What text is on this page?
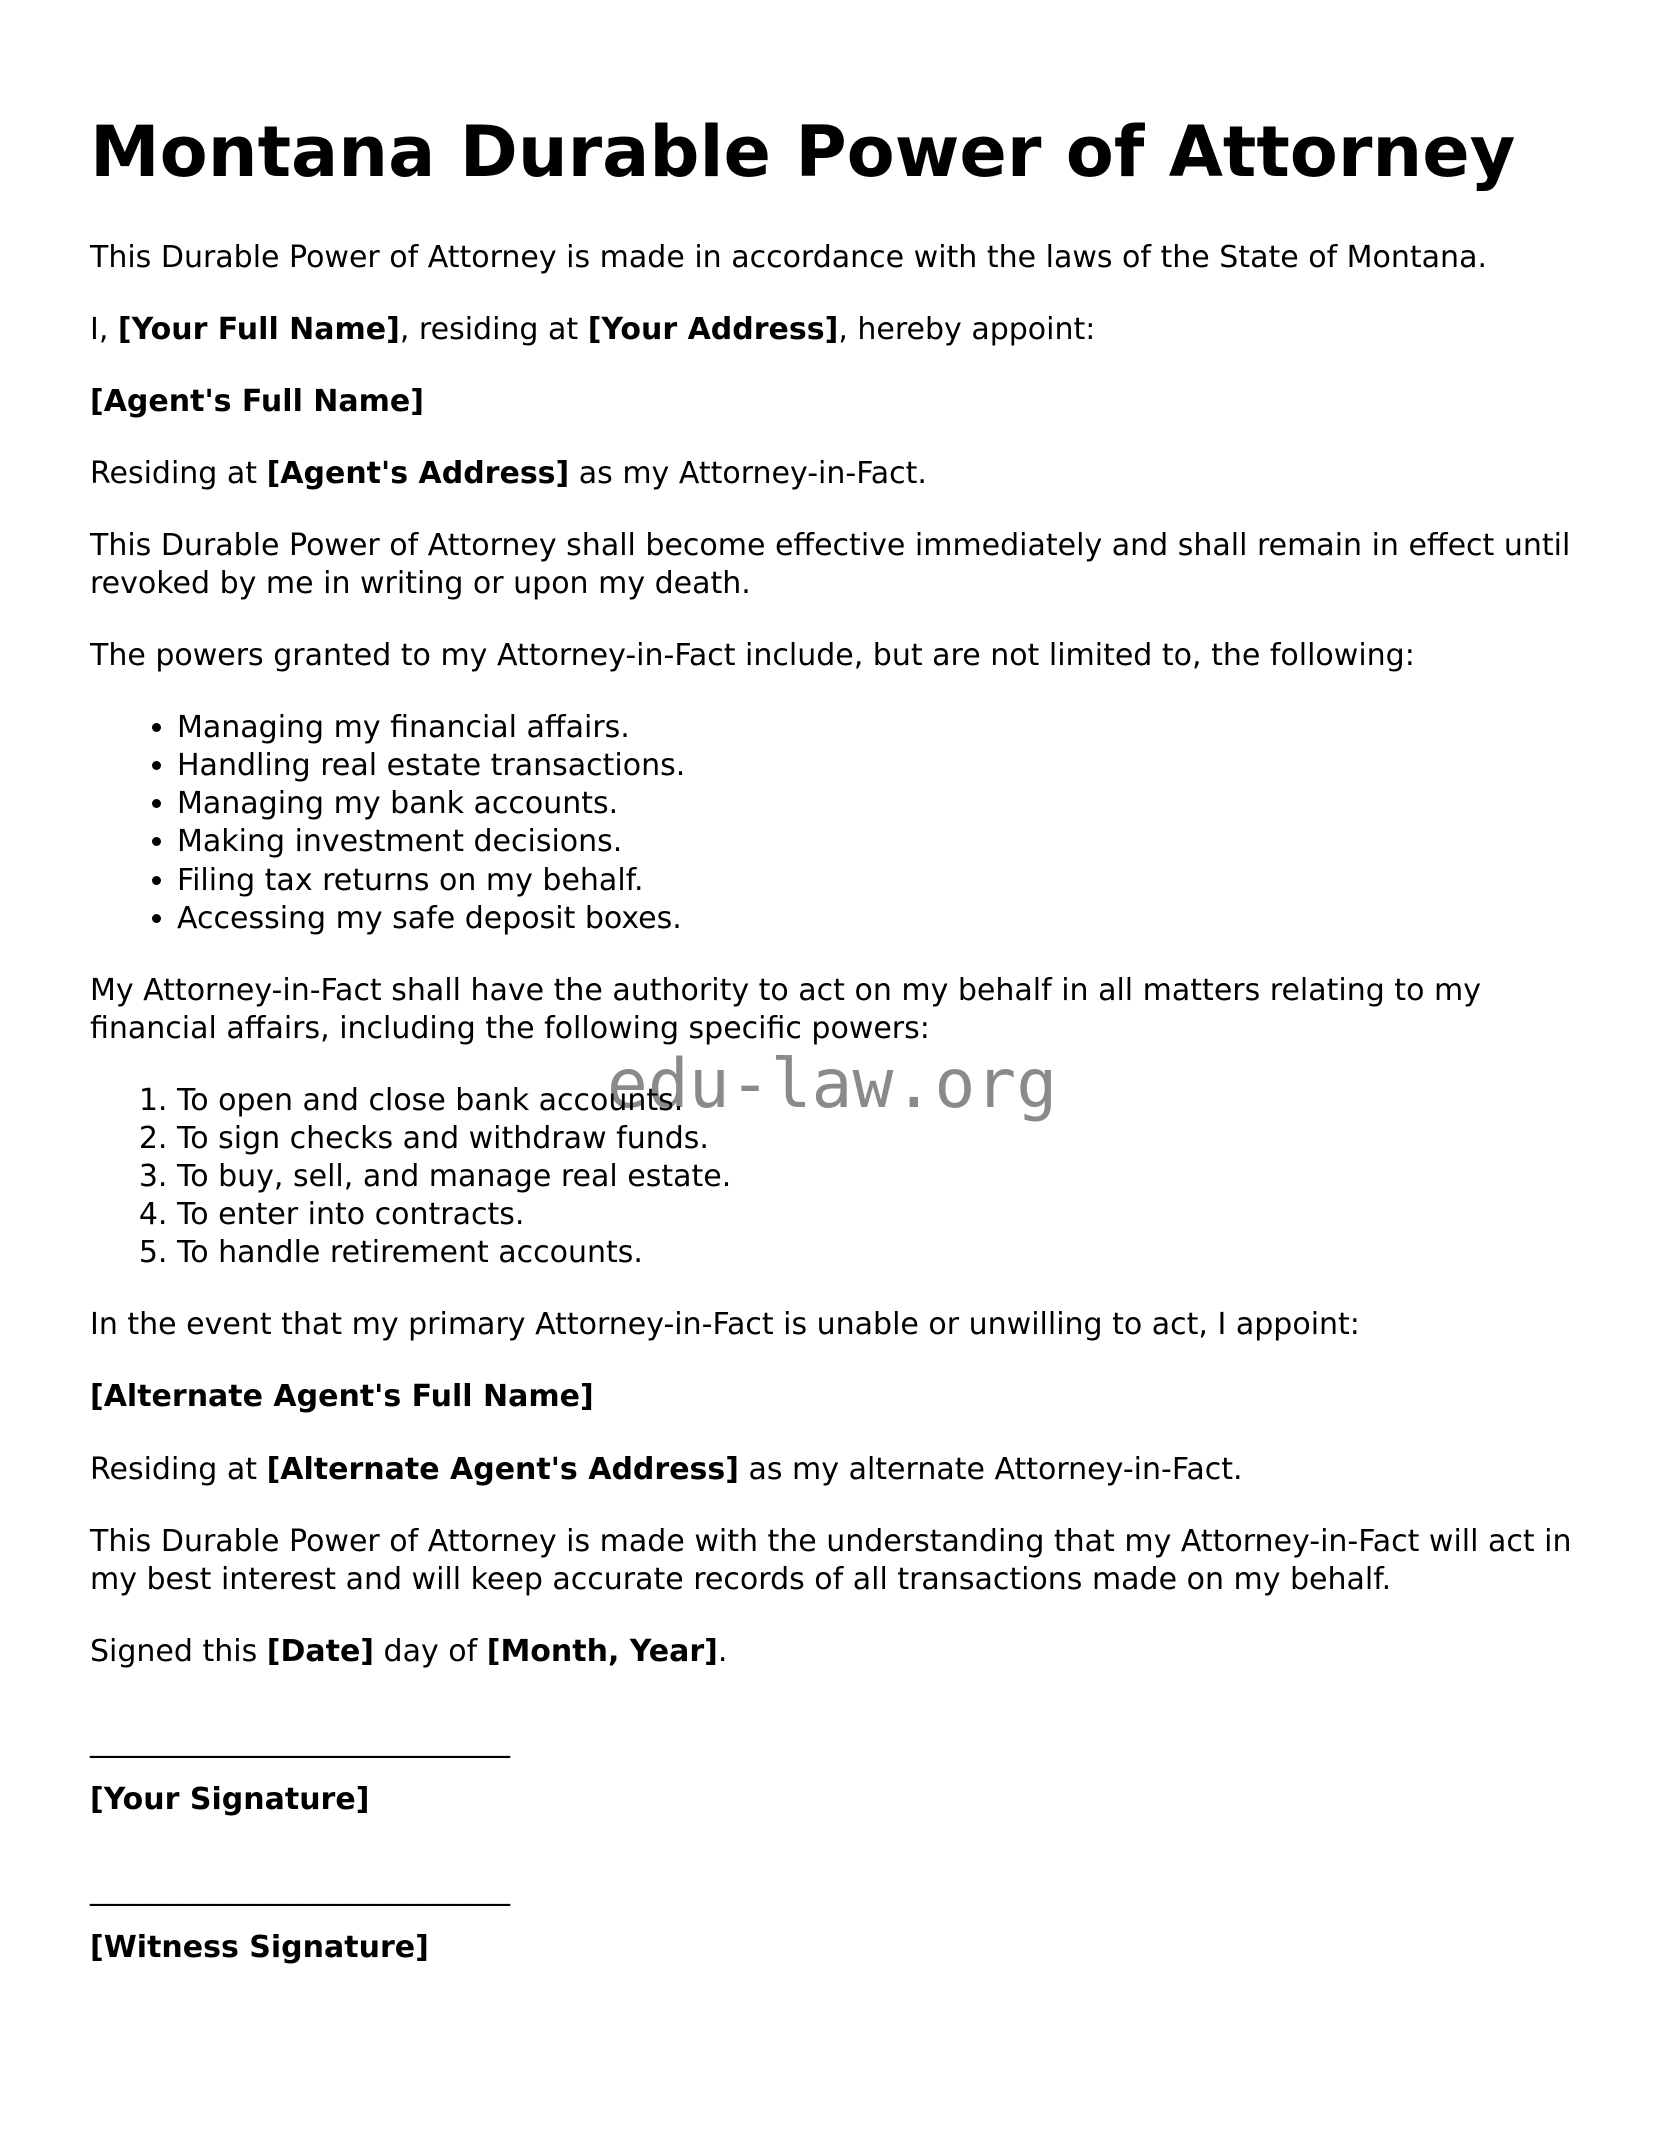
edu-law.org
Montana Durable Power of Attorney

This Durable Power of Attorney is made in accordance with the laws of the State of Montana.

I, [Your Full Name], residing at [Your Address], hereby appoint:

[Agent's Full Name]

Residing at [Agent's Address] as my Attorney-in-Fact.

This Durable Power of Attorney shall become effective immediately and shall remain in effect until revoked by me in writing or upon my death.

The powers granted to my Attorney-in-Fact include, but are not limited to, the following:

• Managing my financial affairs.
• Handling real estate transactions.
• Managing my bank accounts.
• Making investment decisions.
• Filing tax returns on my behalf.
• Accessing my safe deposit boxes.

My Attorney-in-Fact shall have the authority to act on my behalf in all matters relating to my financial affairs, including the following specific powers:

1. To open and close bank accounts.
2. To sign checks and withdraw funds.
3. To buy, sell, and manage real estate.
4. To enter into contracts.
5. To handle retirement accounts.

In the event that my primary Attorney-in-Fact is unable or unwilling to act, I appoint:

[Alternate Agent's Full Name]

Residing at [Alternate Agent's Address] as my alternate Attorney-in-Fact.

This Durable Power of Attorney is made with the understanding that my Attorney-in-Fact will act in my best interest and will keep accurate records of all transactions made on my behalf.

Signed this [Date] day of [Month, Year].

____________________________

[Your Signature]

____________________________

[Witness Signature]
